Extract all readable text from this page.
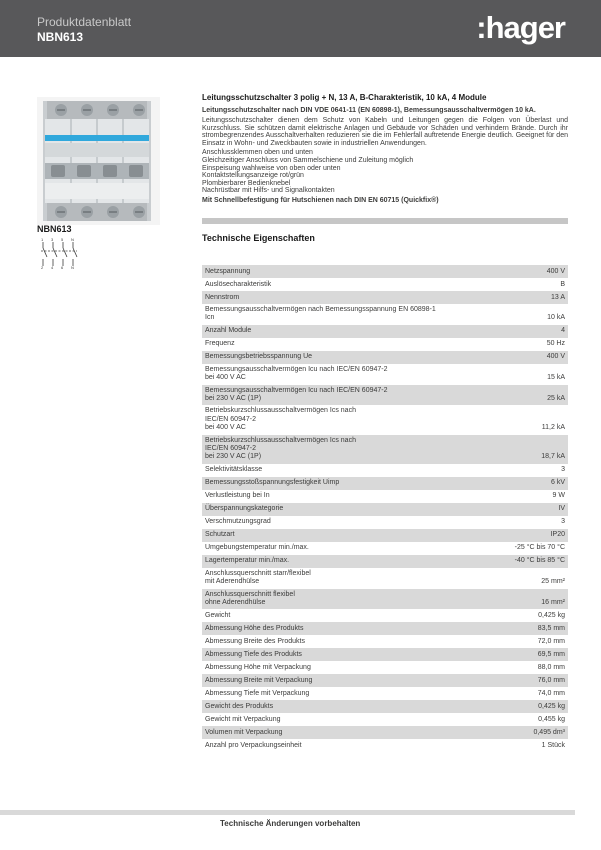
Produktdatenblatt
NBN613	:hager
NBN613
1 3 5 N
2 4 6 N

Leitungsschutzschalter 3 polig + N, 13 A, B-Charakteristik, 10 kA, 4 Module

Leitungsschutzschalter nach DIN VDE 0641-11 (EN 60898-1), Bemessungsausschaltvermögen 10 kA.

Leitungsschutzschalter dienen dem Schutz von Kabeln und Leitungen gegen die Folgen von Überlast und Kurzschluss. Sie schützen damit elektrische Anlagen und Gebäude vor Schäden und verhindern Brände. Durch ihr strombegrenzendes Ausschaltverhalten reduzieren sie die im Fehlerfall auftretende Energie deutlich. Geeignet für den Einsatz in Wohn- und Zweckbauten sowie in industriellen Anwendungen.

Anschlussklemmen oben und unten

Gleichzeitiger Anschluss von Sammelschiene und Zuleitung möglich

Einspeisung wahlweise von oben oder unten

Kontaktstellungsanzeige rot/grün

Plombierbarer Bedienknebel

Nachrüstbar mit Hilfs- und Signalkontakten

Mit Schnellbefestigung für Hutschienen nach DIN EN 60715 (Quickfix®)

Technische Eigenschaften

Netzspannung	400 V
Auslösecharakteristik	B
Nennstrom	13 A
Bemessungsausschaltvermögen nach Bemessungsspannung EN 60898-1
Icn	10 kA
Anzahl Module	4
Frequenz	50 Hz
Bemessungsbetriebsspannung Ue	400 V
Bemessungsausschaltvermögen Icu nach IEC/EN 60947-2
bei 400 V AC	15 kA
Bemessungsausschaltvermögen Icu nach IEC/EN 60947-2
bei 230 V AC (1P)	25 kA
Betriebskurzschlussausschaltvermögen Ics nach
IEC/EN 60947-2
bei 400 V AC	11,2 kA
Betriebskurzschlussausschaltvermögen Ics nach
IEC/EN 60947-2
bei 230 V AC (1P)	18,7 kA
Selektivitätsklasse	3
Bemessungsstoßspannungsfestigkeit Uimp	6 kV
Verlustleistung bei In	9 W
Überspannungskategorie	IV
Verschmutzungsgrad	3
Schutzart	IP20
Umgebungstemperatur min./max.	-25 °C bis 70 °C
Lagertemperatur min./max.	-40 °C bis 85 °C
Anschlussquerschnitt starr/flexibel
mit Aderendhülse	25 mm²
Anschlussquerschnitt flexibel
ohne Aderendhülse	16 mm²
Gewicht	0,425 kg
Abmessung Höhe des Produkts	83,5 mm
Abmessung Breite des Produkts	72,0 mm
Abmessung Tiefe des Produkts	69,5 mm
Abmessung Höhe mit Verpackung	88,0 mm
Abmessung Breite mit Verpackung	76,0 mm
Abmessung Tiefe mit Verpackung	74,0 mm
Gewicht des Produkts	0,425 kg
Gewicht mit Verpackung	0,455 kg
Volumen mit Verpackung	0,495 dm³
Anzahl pro Verpackungseinheit	1 Stück
Technische Änderungen vorbehalten
